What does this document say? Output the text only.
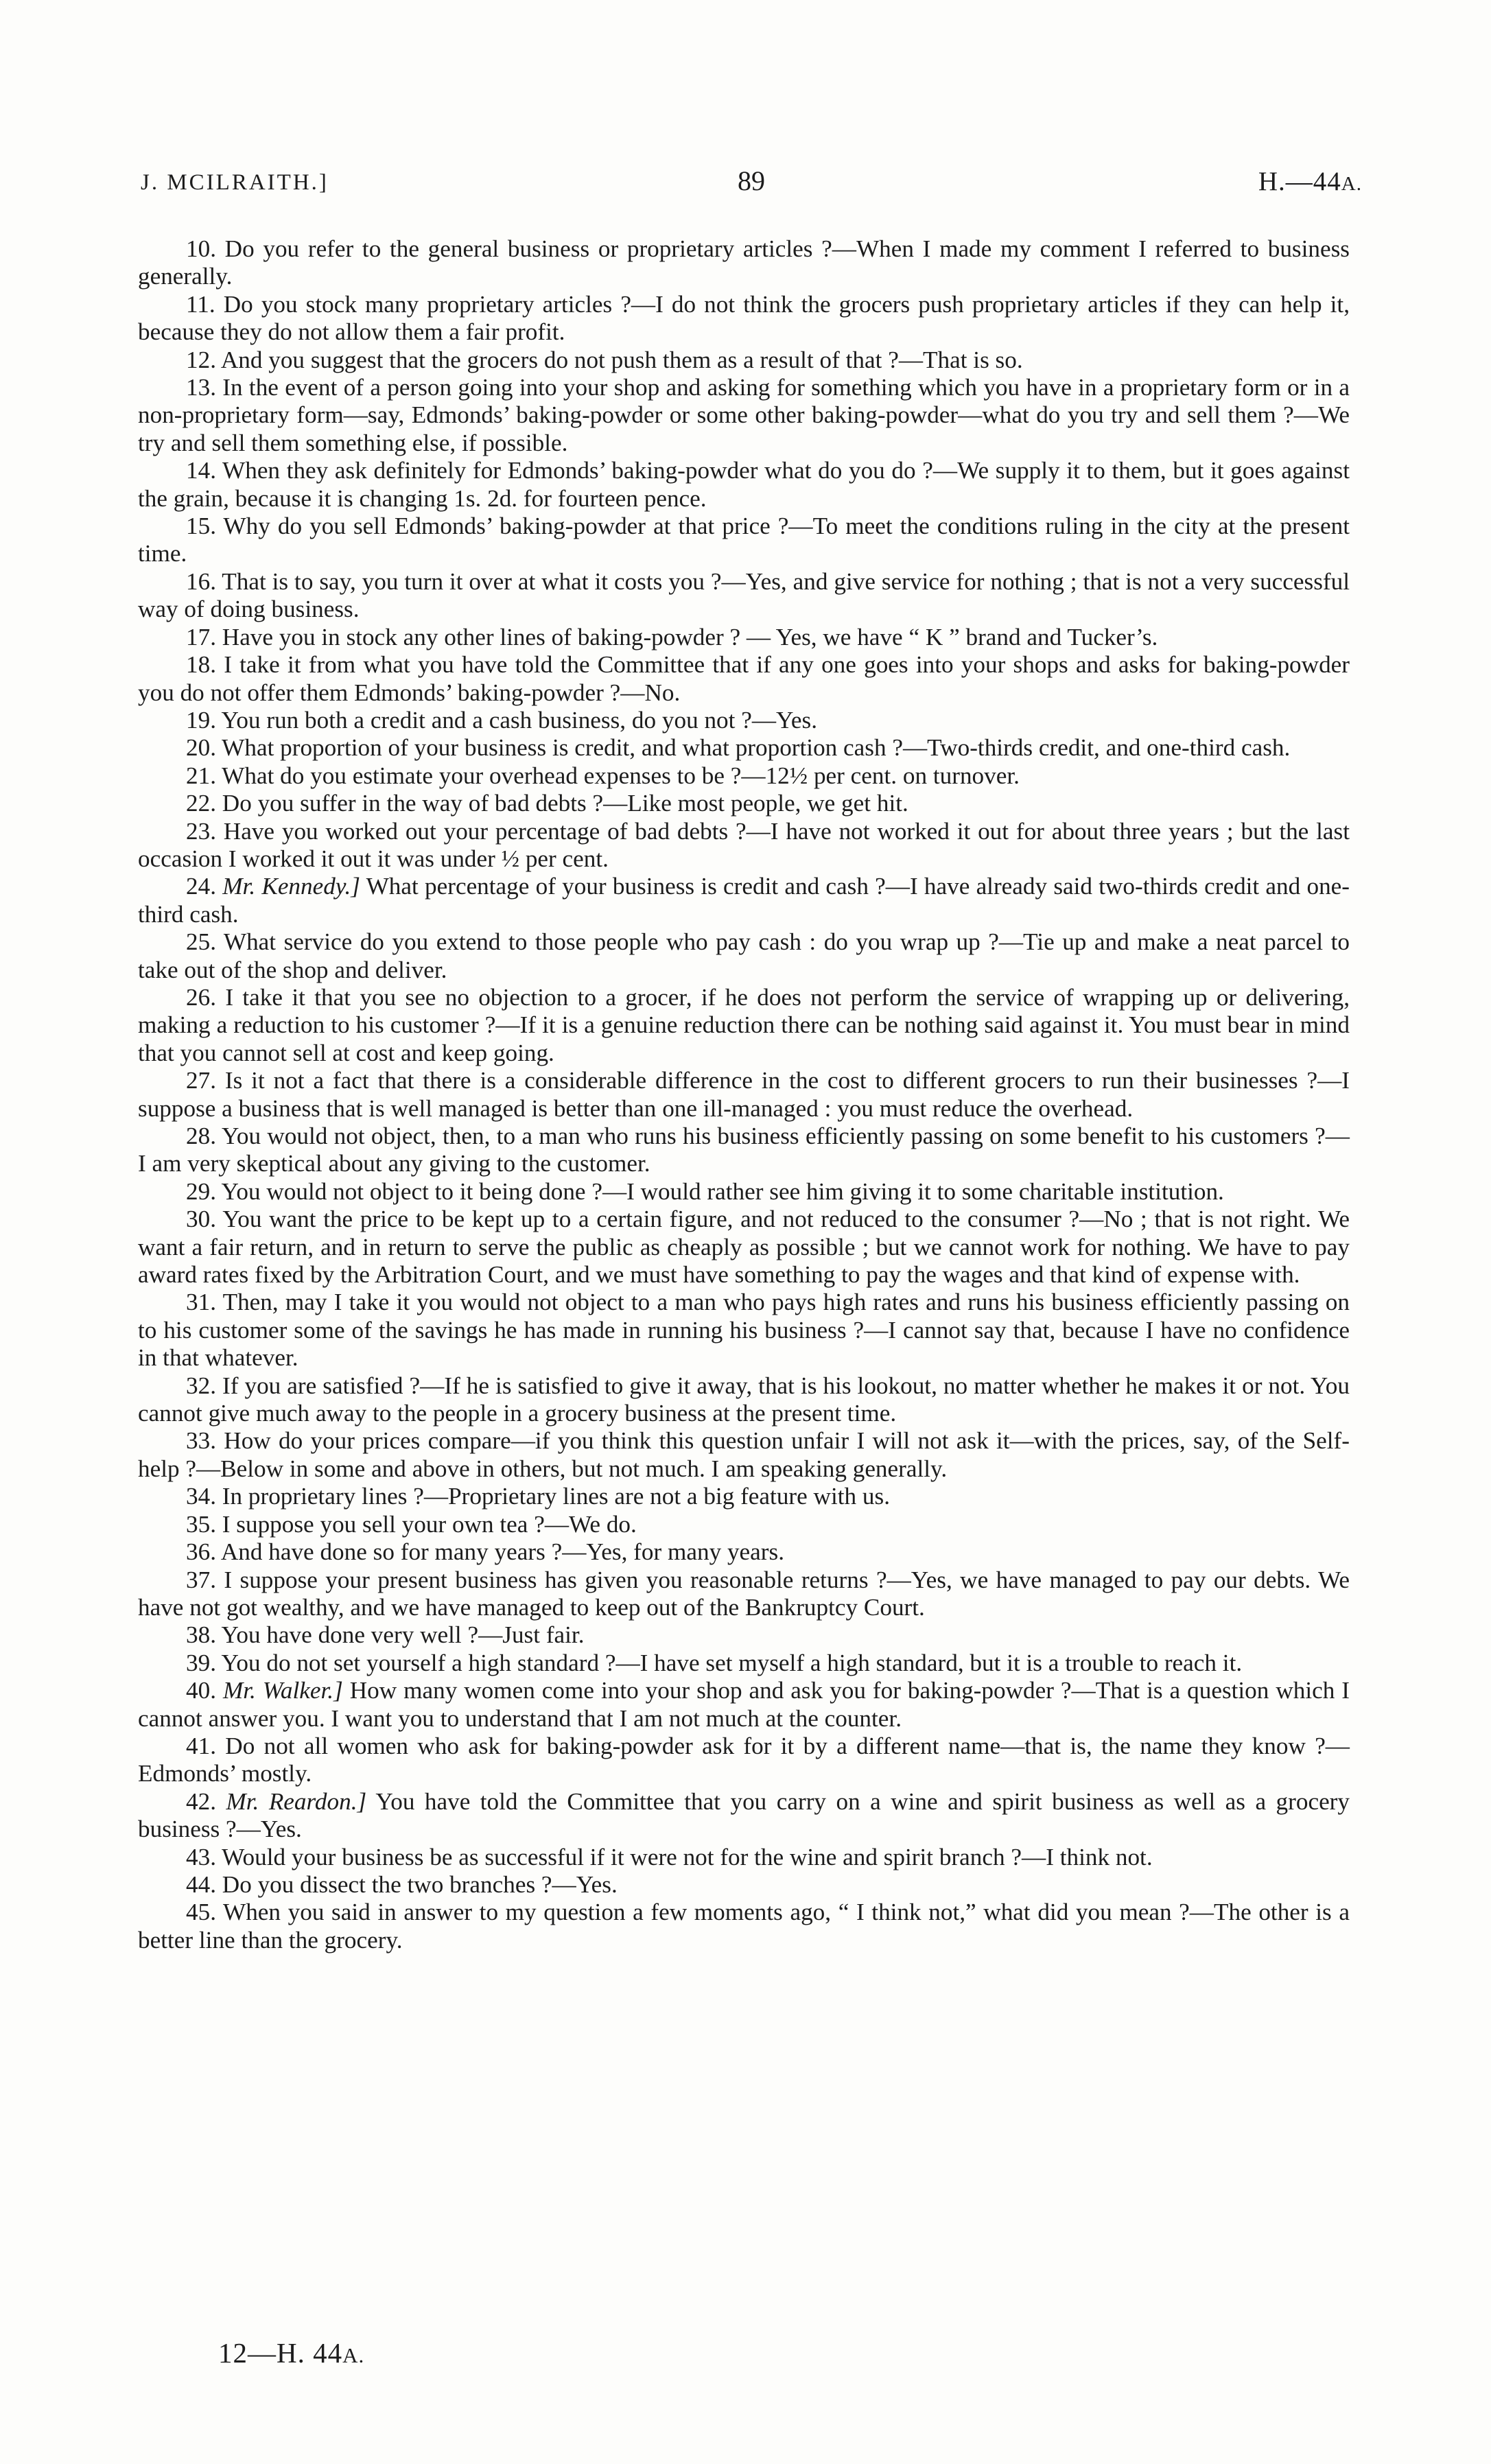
J. MCILRAITH.]	89	H.—44A.

10. Do you refer to the general business or proprietary articles ?—When I made my comment I referred to business generally.

11. Do you stock many proprietary articles ?—I do not think the grocers push proprietary articles if they can help it, because they do not allow them a fair profit.

12. And you suggest that the grocers do not push them as a result of that ?—That is so.

13. In the event of a person going into your shop and asking for something which you have in a proprietary form or in a non-proprietary form—say, Edmonds’ baking-powder or some other baking-powder—what do you try and sell them ?—We try and sell them something else, if possible.

14. When they ask definitely for Edmonds’ baking-powder what do you do ?—We supply it to them, but it goes against the grain, because it is changing 1s. 2d. for fourteen pence.

15. Why do you sell Edmonds’ baking-powder at that price ?—To meet the conditions ruling in the city at the present time.

16. That is to say, you turn it over at what it costs you ?—Yes, and give service for nothing ; that is not a very successful way of doing business.

17. Have you in stock any other lines of baking-powder ? — Yes, we have “ K ” brand and Tucker’s.

18. I take it from what you have told the Committee that if any one goes into your shops and asks for baking-powder you do not offer them Edmonds’ baking-powder ?—No.

19. You run both a credit and a cash business, do you not ?—Yes.

20. What proportion of your business is credit, and what proportion cash ?—Two-thirds credit, and one-third cash.

21. What do you estimate your overhead expenses to be ?—12½ per cent. on turnover.

22. Do you suffer in the way of bad debts ?—Like most people, we get hit.

23. Have you worked out your percentage of bad debts ?—I have not worked it out for about three years ; but the last occasion I worked it out it was under ½ per cent.

24. Mr. Kennedy.] What percentage of your business is credit and cash ?—I have already said two-thirds credit and one-third cash.

25. What service do you extend to those people who pay cash : do you wrap up ?—Tie up and make a neat parcel to take out of the shop and deliver.

26. I take it that you see no objection to a grocer, if he does not perform the service of wrapping up or delivering, making a reduction to his customer ?—If it is a genuine reduction there can be nothing said against it. You must bear in mind that you cannot sell at cost and keep going.

27. Is it not a fact that there is a considerable difference in the cost to different grocers to run their businesses ?—I suppose a business that is well managed is better than one ill-managed : you must reduce the overhead.

28. You would not object, then, to a man who runs his business efficiently passing on some benefit to his customers ?—I am very skeptical about any giving to the customer.

29. You would not object to it being done ?—I would rather see him giving it to some charitable institution.

30. You want the price to be kept up to a certain figure, and not reduced to the consumer ?—No ; that is not right. We want a fair return, and in return to serve the public as cheaply as possible ; but we cannot work for nothing. We have to pay award rates fixed by the Arbitration Court, and we must have something to pay the wages and that kind of expense with.

31. Then, may I take it you would not object to a man who pays high rates and runs his business efficiently passing on to his customer some of the savings he has made in running his business ?—I cannot say that, because I have no confidence in that whatever.

32. If you are satisfied ?—If he is satisfied to give it away, that is his lookout, no matter whether he makes it or not. You cannot give much away to the people in a grocery business at the present time.

33. How do your prices compare—if you think this question unfair I will not ask it—with the prices, say, of the Self-help ?—Below in some and above in others, but not much. I am speaking generally.

34. In proprietary lines ?—Proprietary lines are not a big feature with us.

35. I suppose you sell your own tea ?—We do.

36. And have done so for many years ?—Yes, for many years.

37. I suppose your present business has given you reasonable returns ?—Yes, we have managed to pay our debts. We have not got wealthy, and we have managed to keep out of the Bankruptcy Court.

38. You have done very well ?—Just fair.

39. You do not set yourself a high standard ?—I have set myself a high standard, but it is a trouble to reach it.

40. Mr. Walker.] How many women come into your shop and ask you for baking-powder ?—That is a question which I cannot answer you. I want you to understand that I am not much at the counter.

41. Do not all women who ask for baking-powder ask for it by a different name—that is, the name they know ?—Edmonds’ mostly.

42. Mr. Reardon.] You have told the Committee that you carry on a wine and spirit business as well as a grocery business ?—Yes.

43. Would your business be as successful if it were not for the wine and spirit branch ?—I think not.

44. Do you dissect the two branches ?—Yes.

45. When you said in answer to my question a few moments ago, “ I think not,” what did you mean ?—The other is a better line than the grocery.

12—H. 44A.
